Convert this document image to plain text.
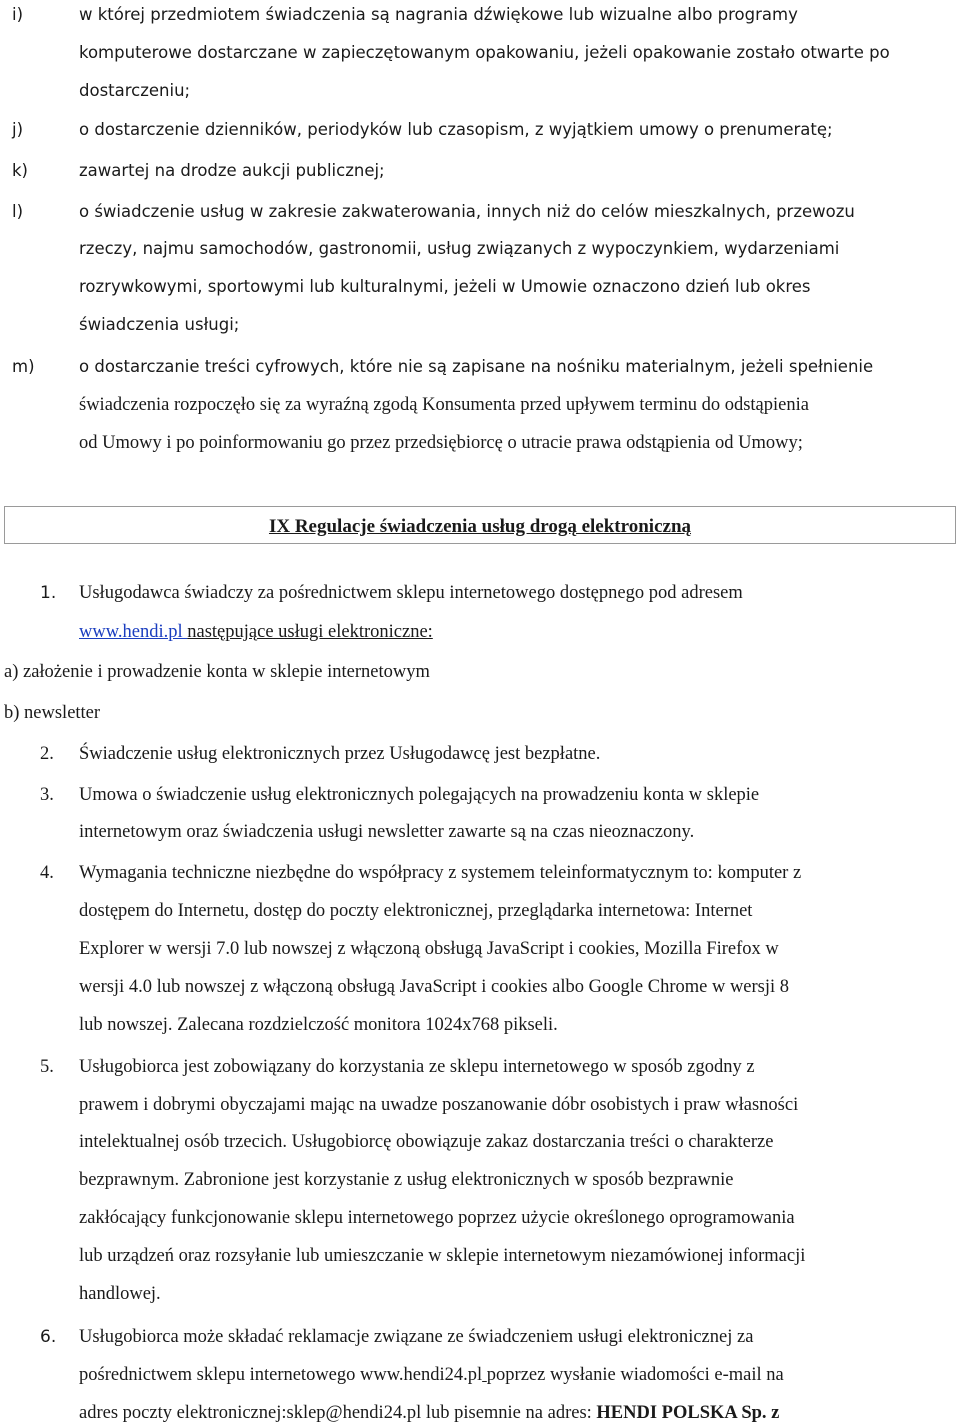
i)	w której przedmiotem świadczenia są nagrania dźwiękowe lub wizualne albo programy
komputerowe dostarczane w zapieczętowanym opakowaniu, jeżeli opakowanie zostało otwarte po
dostarczeniu;
j)	o dostarczenie dzienników, periodyków lub czasopism, z wyjątkiem umowy o prenumeratę;
k)	zawartej na drodze aukcji publicznej;
l)	o świadczenie usług w zakresie zakwaterowania, innych niż do celów mieszkalnych, przewozu
rzeczy, najmu samochodów, gastronomii, usług związanych z wypoczynkiem, wydarzeniami
rozrywkowymi, sportowymi lub kulturalnymi, jeżeli w Umowie oznaczono dzień lub okres
świadczenia usługi;
m)	o dostarczanie treści cyfrowych, które nie są zapisane na nośniku materialnym, jeżeli spełnienie
świadczenia rozpoczęło się za wyraźną zgodą Konsumenta przed upływem terminu do odstąpienia
od Umowy i po poinformowaniu go przez przedsiębiorcę o utracie prawa odstąpienia od Umowy;
IX Regulacje świadczenia usług drogą elektroniczną
1. Usługodawca świadczy za pośrednictwem sklepu internetowego dostępnego pod adresem
www.hendi.pl następujące usługi elektroniczne:
a) założenie i prowadzenie konta w sklepie internetowym
b) newsletter
2. Świadczenie usług elektronicznych przez Usługodawcę jest bezpłatne.
3. Umowa o świadczenie usług elektronicznych polegających na prowadzeniu konta w sklepie
internetowym oraz świadczenia usługi newsletter zawarte są na czas nieoznaczony.
4. Wymagania techniczne niezbędne do współpracy z systemem teleinformatycznym to: komputer z
dostępem do Internetu, dostęp do poczty elektronicznej, przeglądarka internetowa: Internet
Explorer w wersji 7.0 lub nowszej z włączoną obsługą JavaScript i cookies, Mozilla Firefox w
wersji 4.0 lub nowszej z włączoną obsługą JavaScript i cookies albo Google Chrome w wersji 8
lub nowszej. Zalecana rozdzielczość monitora 1024x768 pikseli.
5. Usługobiorca jest zobowiązany do korzystania ze sklepu internetowego w sposób zgodny z
prawem i dobrymi obyczajami mając na uwadze poszanowanie dóbr osobistych i praw własności
intelektualnej osób trzecich. Usługobiorcę obowiązuje zakaz dostarczania treści o charakterze
bezprawnym. Zabronione jest korzystanie z usług elektronicznych w sposób bezprawnie
zakłócający funkcjonowanie sklepu internetowego poprzez użycie określonego oprogramowania
lub urządzeń oraz rozsyłanie lub umieszczanie w sklepie internetowym niezamówionej informacji
handlowej.
6. Usługobiorca może składać reklamacje związane ze świadczeniem usługi elektronicznej za
pośrednictwem sklepu internetowego www.hendi24.pl poprzez wysłanie wiadomości e-mail na
adres poczty elektronicznej:sklep@hendi24.pl lub pisemnie na adres: HENDI POLSKA Sp. z
